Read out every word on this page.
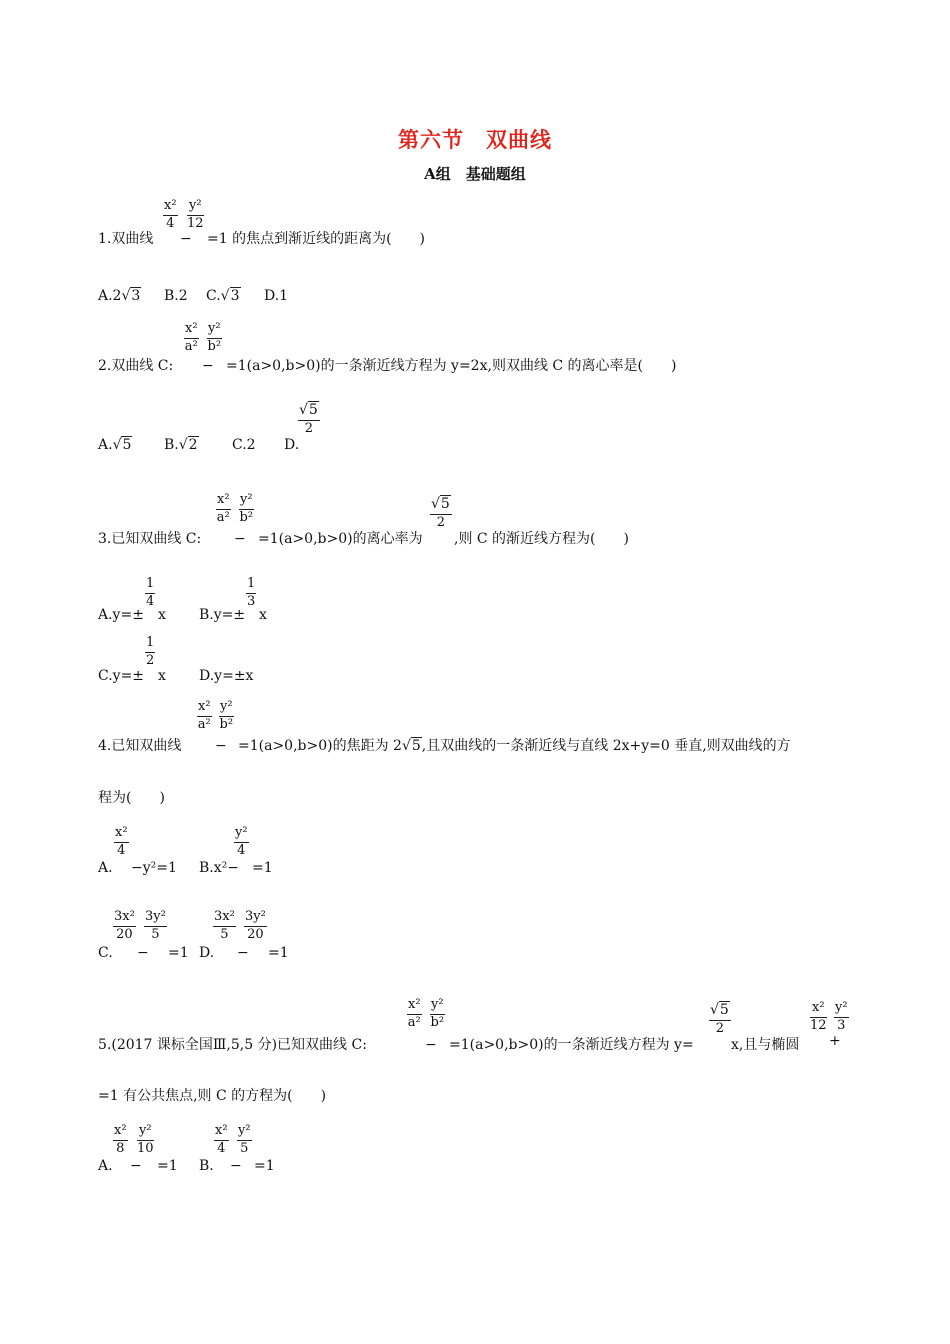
第六节　双曲线
A组　基础题组
1.双曲线
$\frac{\text{x²}}{4}$
−
$\frac{\text{y²}}{12}$
=1 的焦点到渐近线的距离为(　　)
A.2√3 B.2 C.√3 D.1
2.双曲线 C:
$\frac{\text{x²}}{\text{a²}}$
−
$\frac{\text{y²}}{\text{b²}}$
=1(a>0,b>0)的一条渐近线方程为 y=2x,则双曲线 C 的离心率是(　　)
A.√5 B.√2 C.2 D.
$\frac{√5}{2}$
3.已知双曲线 C:
$\frac{\text{x²}}{\text{a²}}$
−
$\frac{\text{y²}}{\text{b²}}$
=1(a>0,b>0)的离心率为
$\frac{√5}{2}$
,则 C 的渐近线方程为(　　)
A.y=±
$\frac{1}{4}$
x B.y=±
$\frac{1}{3}$
x
C.y=±
$\frac{1}{2}$
x D.y=±x
4.已知双曲线
$\frac{\text{x²}}{\text{a²}}$
−
$\frac{\text{y²}}{\text{b²}}$
=1(a>0,b>0)的焦距为 2√5,且双曲线的一条渐近线与直线 2x+y=0 垂直,则双曲线的方
程为(　　)
A.
$\frac{\text{x²}}{4}$
−y²=1 B.x²−
$\frac{\text{y²}}{4}$
=1
C.
$\frac{\text{3x²}}{20}$
−
$\frac{\text{3y²}}{5}$
=1 D.
$\frac{\text{3x²}}{5}$
−
$\frac{\text{3y²}}{20}$
=1
5.(2017 课标全国Ⅲ,5,5 分)已知双曲线 C:
$\frac{\text{x²}}{\text{a²}}$
−
$\frac{\text{y²}}{\text{b²}}$
=1(a>0,b>0)的一条渐近线方程为 y=
$\frac{√5}{2}$
x,且与椭圆
$\frac{\text{x²}}{12}$
+
$\frac{\text{y²}}{3}$
=1 有公共焦点,则 C 的方程为(　　)
A.
$\frac{\text{x²}}{8}$
−
$\frac{\text{y²}}{10}$
=1 B.
$\frac{\text{x²}}{4}$
−
$\frac{\text{y²}}{5}$
=1
